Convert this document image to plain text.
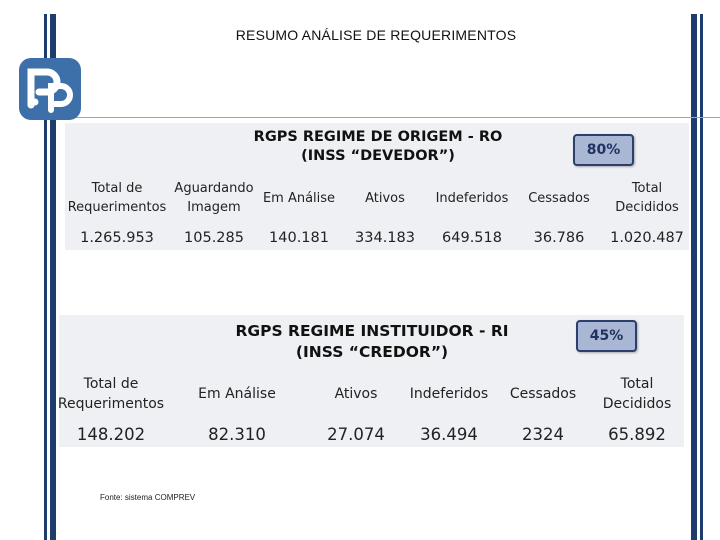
RESUMO ANÁLISE DE REQUERIMENTOS
RGPS REGIME DE ORIGEM - RO
(INSS “DEVEDOR”)	80%
Total de
Requerimentos
1.265.953
Aguardando
Imagem
105.285
Em Análise
140.181
Ativos
334.183
Indeferidos
649.518
Cessados
36.786
Total
Decididos
1.020.487
RGPS REGIME INSTITUIDOR - RI
(INSS “CREDOR”)
45%
Total de
Requerimentos
148.202
Em Análise
82.310
Ativos
27.074
Indeferidos
36.494
Cessados
2324
Total
Decididos
65.892
Fonte: sistema COMPREV
